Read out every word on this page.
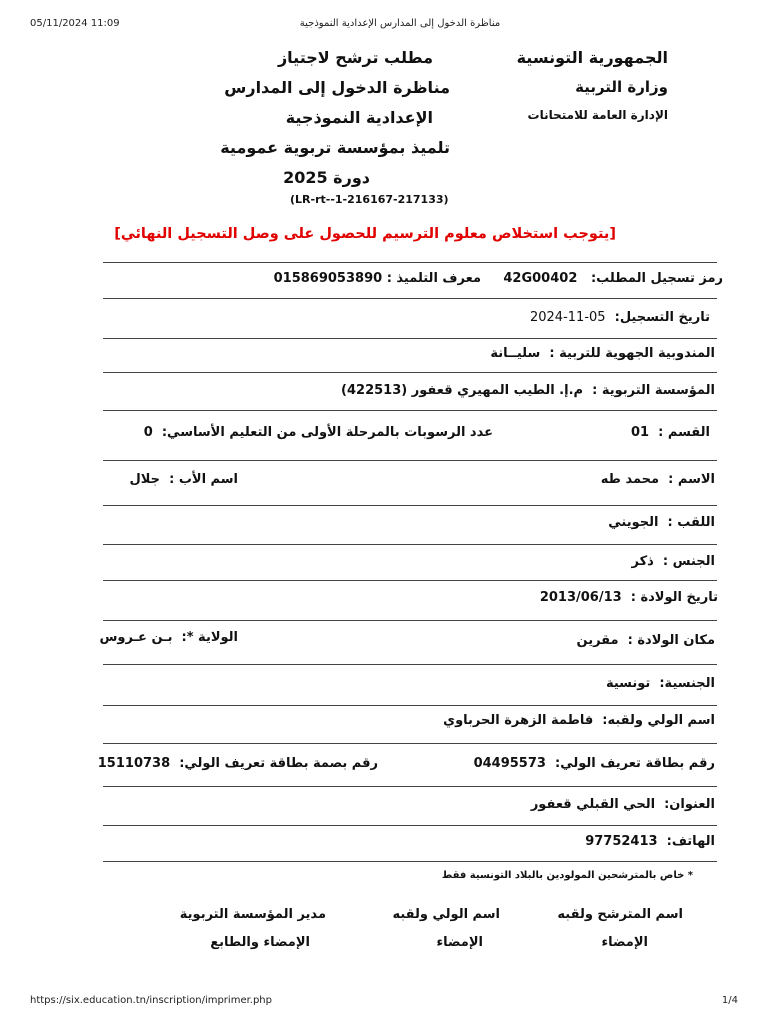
05/11/2024 11:09	مناظرة الدخول إلى المدارس الإعدادية النموذجية
الجمهورية التونسية
وزارة التربية
الإدارة العامة للامتحانات
مطلب ترشح لاجتياز
مناظرة الدخول إلى المدارس
الإعدادية النموذجية
تلميذ بمؤسسة تربوية عمومية
دورة 2025
(LR-rt--1-216167-217133)
[يتوجب استخلاص معلوم الترسيم للحصول على وصل التسجيل النهائي]
رمز تسجيل المطلب:   42G00402
معرف التلميذ : 015869053890
تاريخ التسجيل:  05-11-2024
المندوبية الجهوية للتربية :  سليــانة
المؤسسة التربوية :  م.إ. الطيب المهيري قعفور (422513)
القسم :  01
عدد الرسوبات بالمرحلة الأولى من التعليم الأساسي:  0
الاسم :  محمد طه
اسم الأب :  جلال
اللقب :  الجويني
الجنس :  ذكر
تاريخ الولادة :  2013/06/13
مكان الولادة :  مقرين
الولاية *:  بـن عـروس
الجنسية:  تونسية
اسم الولي ولقبه:  فاطمة الزهرة الحرباوي
رقم بطاقة تعريف الولي:  04495573
رقم بصمة بطاقة تعريف الولي:  15110738
العنوان:  الحي القبلي قعفور
الهاتف:  97752413
* خاص بالمترشحين المولودين بالبلاد التونسية فقط
اسم المترشح ولقبه
الإمضاء
اسم الولي ولقبه
الإمضاء
مدير المؤسسة التربوية
الإمضاء والطابع
https://six.education.tn/inscription/imprimer.php	1/4
